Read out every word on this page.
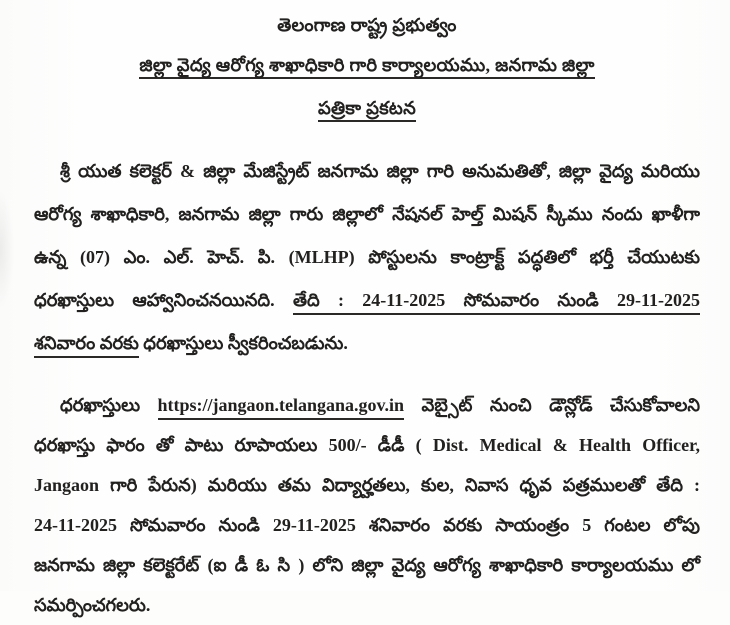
తెలంగాణ రాష్ట్ర ప్రభుత్వం
జిల్లా వైద్య ఆరోగ్య శాఖాధికారి గారి కార్యాలయము, జనగామ జిల్లా
పత్రికా ప్రకటన
శ్రీ యుత కలెక్టర్ & జిల్లా మేజిస్ట్రేట్ జనగామ జిల్లా గారి అనుమతితో, జిల్లా వైద్య మరియు
ఆరోగ్య శాఖాధికారి, జనగామ జిల్లా గారు జిల్లాలో నేషనల్ హెల్త్ మిషన్ స్కీము నందు ఖాళీగా
ఉన్న (07) ఎం. ఎల్. హెచ్. పి. (MLHP) పోస్టులను కాంట్రాక్ట్ పద్ధతిలో భర్తీ చేయుటకు
ధరఖాస్తులు ఆహ్వానించనయినది. తేది : 24-11-2025 సోమవారం నుండి 29-11-2025
శనివారం వరకు ధరఖాస్తులు స్వీకరించబడును.
ధరఖాస్తులు https://jangaon.telangana.gov.in వెబ్సైట్ నుంచి డౌన్లోడ్ చేసుకోవాలని
ధరఖాస్తు ఫారం తో పాటు రూపాయలు 500/- డీడీ ( Dist. Medical & Health Officer,
Jangaon గారి పేరున) మరియు తమ విద్యార్హతలు, కుల, నివాస ధృవ పత్రములతో తేది :
24-11-2025 సోమవారం నుండి 29-11-2025 శనివారం వరకు సాయంత్రం 5 గంటల లోపు
జనగామ జిల్లా కలెక్టరేట్ (ఐ డీ ఓ సి ) లోని జిల్లా వైద్య ఆరోగ్య శాఖాధికారి కార్యాలయము లో
సమర్పించగలరు.
